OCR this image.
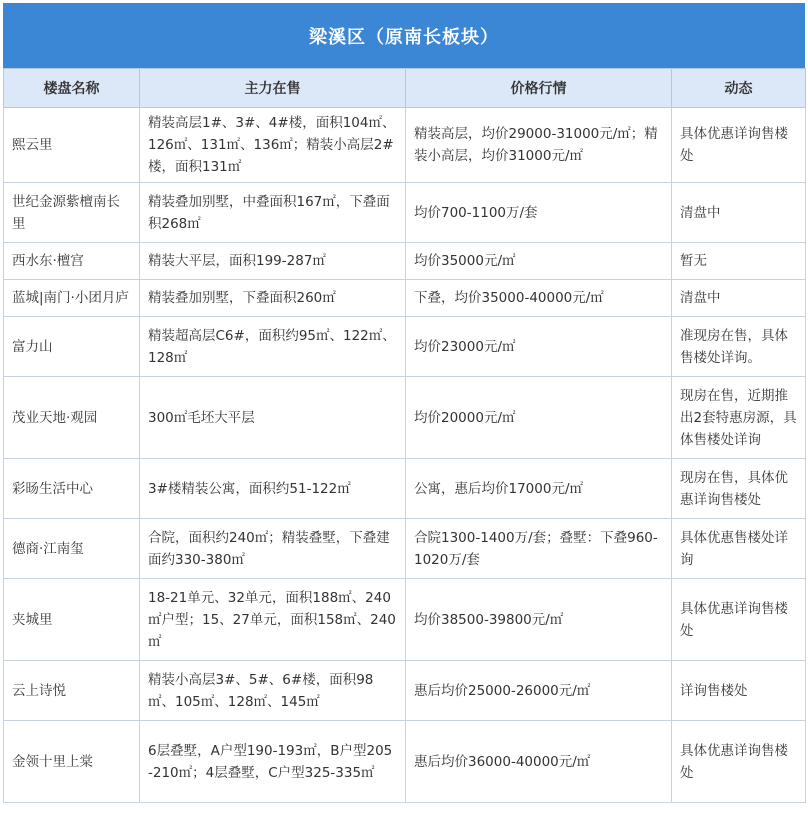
梁溪区（原南长板块）
楼盘名称	主力在售	价格行情	动态
熙云里	精装高层1#、3#、4#楼，面积104㎡、126㎡、131㎡、136㎡；精装小高层2#楼，面积131㎡	精装高层，均价29000-31000元/㎡；精装小高层，均价31000元/㎡	具体优惠详询售楼处
世纪金源紫檀南长里	精装叠加别墅，中叠面积167㎡，下叠面积268㎡	均价700-1100万/套	清盘中
西水东·檀宫	精装大平层，面积199-287㎡	均价35000元/㎡	暂无
蓝城|南门·小团月庐	精装叠加别墅，下叠面积260㎡	下叠，均价35000-40000元/㎡	清盘中
富力山	精装超高层C6#，面积约95㎡、122㎡、128㎡	均价23000元/㎡	准现房在售，具体售楼处详询。
茂业天地·观园	300㎡毛坯大平层	均价20000元/㎡	现房在售，近期推出2套特惠房源，具体售楼处详询
彩旸生活中心	3#楼精装公寓，面积约51-122㎡	公寓，惠后均价17000元/㎡	现房在售，具体优惠详询售楼处
德商·江南玺	合院，面积约240㎡；精装叠墅，下叠建面约330-380㎡	合院1300-1400万/套；叠墅：下叠960-1020万/套	具体优惠售楼处详询
夹城里	18-21单元、32单元，面积188㎡、240㎡户型；15、27单元，面积158㎡、240㎡	均价38500-39800元/㎡	具体优惠详询售楼处
云上诗悦	精装小高层3#、5#、6#楼，面积98㎡、105㎡、128㎡、145㎡	惠后均价25000-26000元/㎡	详询售楼处
金领十里上棠	6层叠墅，A户型190-193㎡，B户型205-210㎡；4层叠墅，C户型325-335㎡	惠后均价36000-40000元/㎡	具体优惠详询售楼处
